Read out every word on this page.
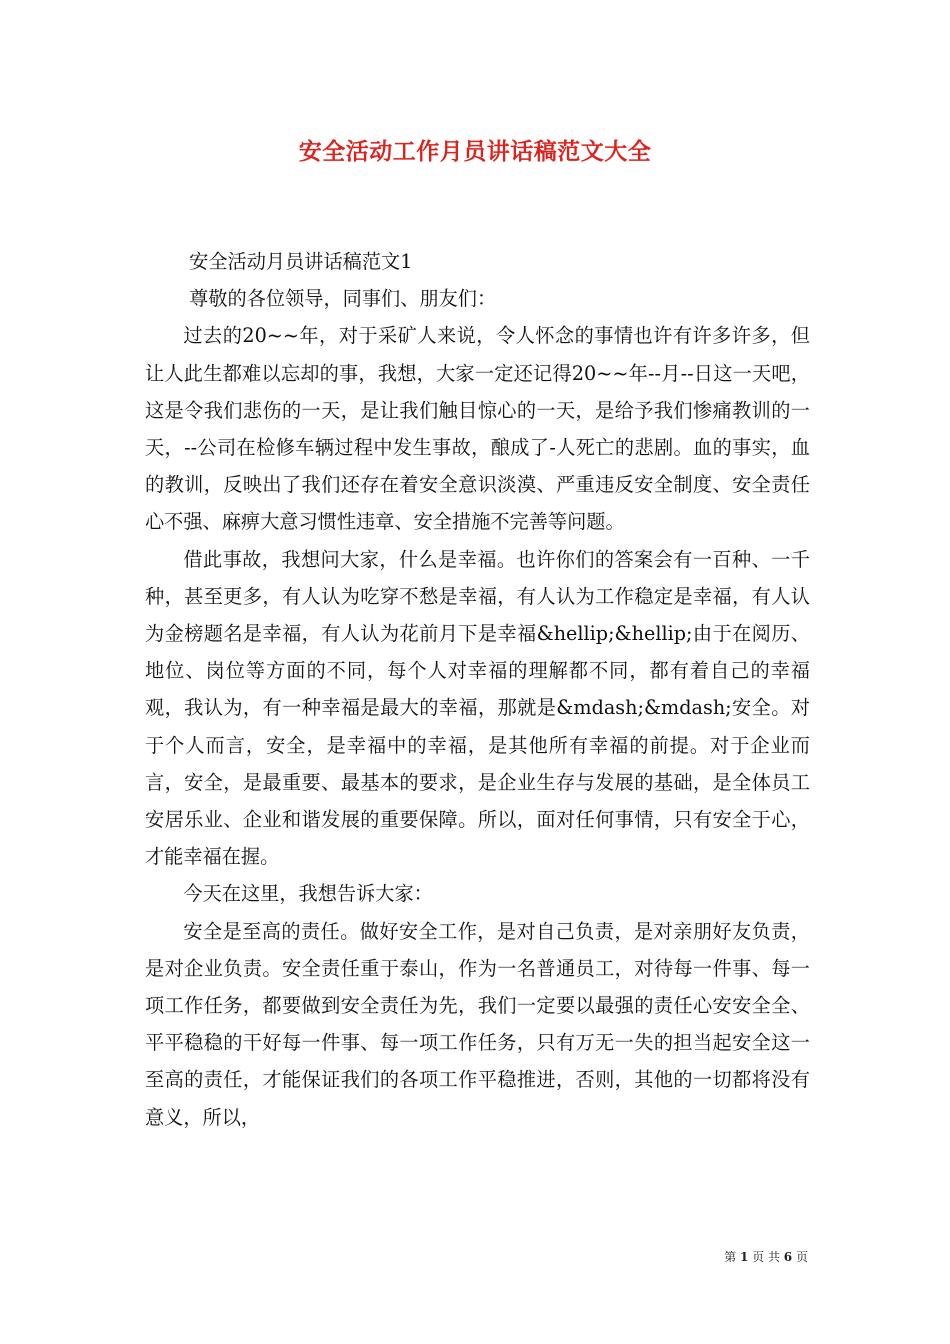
安全活动工作月员讲话稿范文大全

安全活动月员讲话稿范文1

尊敬的各位领导，同事们、朋友们：

过去的20~~年，对于采矿人来说，令人怀念的事情也许有许多许多，但让人此生都难以忘却的事，我想，大家一定还记得20~~年--月--日这一天吧，这是令我们悲伤的一天，是让我们触目惊心的一天，是给予我们惨痛教训的一天，--公司在检修车辆过程中发生事故，酿成了-人死亡的悲剧。血的事实，血的教训，反映出了我们还存在着安全意识淡漠、严重违反安全制度、安全责任心不强、麻痹大意习惯性违章、安全措施不完善等问题。

借此事故，我想问大家，什么是幸福。也许你们的答案会有一百种、一千种，甚至更多，有人认为吃穿不愁是幸福，有人认为工作稳定是幸福，有人认为金榜题名是幸福，有人认为花前月下是幸福&hellip;&hellip;由于在阅历、地位、岗位等方面的不同，每个人对幸福的理解都不同，都有着自己的幸福观，我认为，有一种幸福是最大的幸福，那就是&mdash;&mdash;安全。对于个人而言，安全，是幸福中的幸福，是其他所有幸福的前提。对于企业而言，安全，是最重要、最基本的要求，是企业生存与发展的基础，是全体员工安居乐业、企业和谐发展的重要保障。所以，面对任何事情，只有安全于心，才能幸福在握。

今天在这里，我想告诉大家：

安全是至高的责任。做好安全工作，是对自己负责，是对亲朋好友负责，是对企业负责。安全责任重于泰山，作为一名普通员工，对待每一件事、每一项工作任务，都要做到安全责任为先，我们一定要以最强的责任心安安全全、平平稳稳的干好每一件事、每一项工作任务，只有万无一失的担当起安全这一至高的责任，才能保证我们的各项工作平稳推进，否则，其他的一切都将没有意义，所以，

第 1 页 共 6 页
